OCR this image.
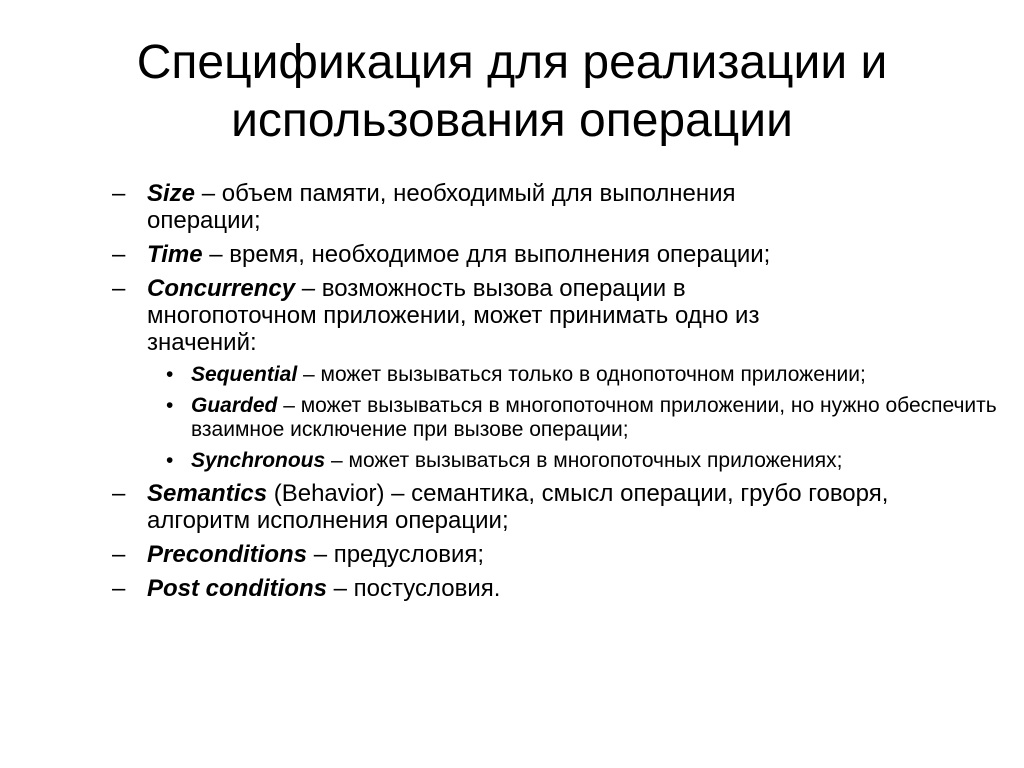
Спецификация для реализации и
использования операции
– Size – объем памяти, необходимый для выполнения операции;
– Time – время, необходимое для выполнения операции;
– Concurrency – возможность вызова операции в многопоточном приложении, может принимать одно из значений:
• Sequential – может вызываться только в однопоточном приложении;
• Guarded – может вызываться в многопоточном приложении, но нужно обеспечить взаимное исключение при вызове операции;
• Synchronous – может вызываться в многопоточных приложениях;
– Semantics (Behavior) – семантика, смысл операции, грубо говоря, алгоритм исполнения операции;
– Preconditions – предусловия;
– Post conditions – постусловия.
